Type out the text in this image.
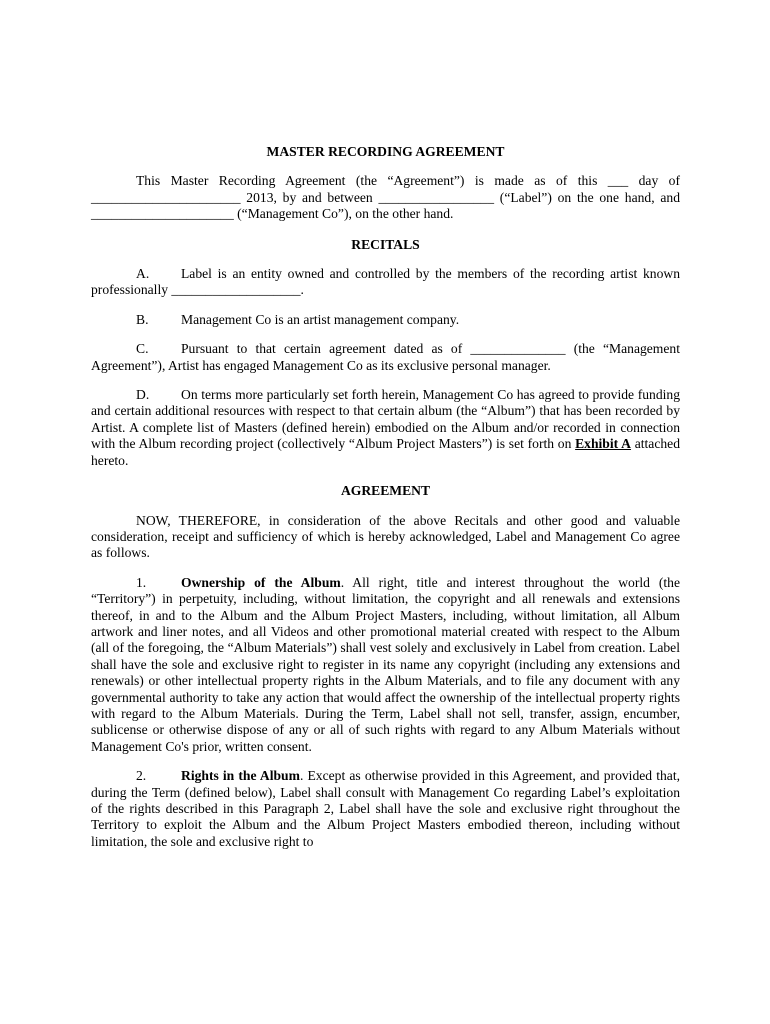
MASTER RECORDING AGREEMENT

This Master Recording Agreement (the “Agreement”) is made as of this ___ day of ______________________ 2013, by and between _________________ (“Label”) on the one hand, and _____________________ (“Management Co”), on the other hand.

RECITALS

A. Label is an entity owned and controlled by the members of the recording artist known professionally ___________________.

B. Management Co is an artist management company.

C. Pursuant to that certain agreement dated as of ______________ (the “Management Agreement”), Artist has engaged Management Co as its exclusive personal manager.

D. On terms more particularly set forth herein, Management Co has agreed to provide funding and certain additional resources with respect to that certain album (the “Album”) that has been recorded by Artist. A complete list of Masters (defined herein) embodied on the Album and/or recorded in connection with the Album recording project (collectively “Album Project Masters”) is set forth on Exhibit A attached hereto.

AGREEMENT

NOW, THEREFORE, in consideration of the above Recitals and other good and valuable consideration, receipt and sufficiency of which is hereby acknowledged, Label and Management Co agree as follows.

1.	Ownership of the Album. All right, title and interest throughout the world (the “Territory”) in perpetuity, including, without limitation, the copyright and all renewals and extensions thereof, in and to the Album and the Album Project Masters, including, without limitation, all Album artwork and liner notes, and all Videos and other promotional material created with respect to the Album (all of the foregoing, the “Album Materials”) shall vest solely and exclusively in Label from creation. Label shall have the sole and exclusive right to register in its name any copyright (including any extensions and renewals) or other intellectual property rights in the Album Materials, and to file any document with any governmental authority to take any action that would affect the ownership of the intellectual property rights with regard to the Album Materials. During the Term, Label shall not sell, transfer, assign, encumber, sublicense or otherwise dispose of any or all of such rights with regard to any Album Materials without Management Co's prior, written consent.

2.	Rights in the Album. Except as otherwise provided in this Agreement, and provided that, during the Term (defined below), Label shall consult with Management Co regarding Label’s exploitation of the rights described in this Paragraph 2, Label shall have the sole and exclusive right throughout the Territory to exploit the Album and the Album Project Masters embodied thereon, including without limitation, the sole and exclusive right to
